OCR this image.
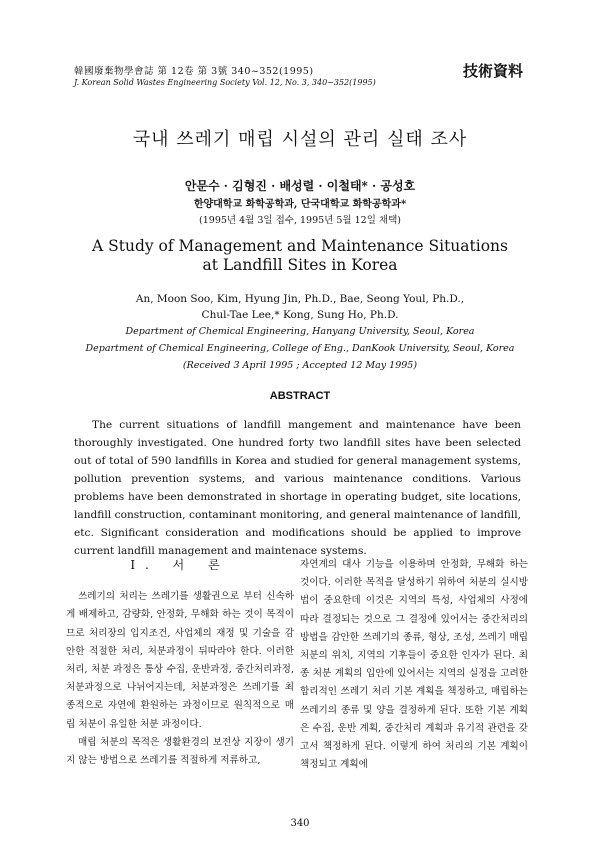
韓國廢棄物學會誌 第 12卷 第 3號 340~352(1995)
J. Korean Solid Wastes Engineering Society Vol. 12, No. 3, 340~352(1995)
技術資料
국내 쓰레기 매립 시설의 관리 실태 조사
안문수 · 김형진 · 배성렬 · 이철태* · 공성호
한양대학교 화학공학과, 단국대학교 화학공학과*
(1995년 4월 3일 접수, 1995년 5월 12일 채택)
A Study of Management and Maintenance Situations
at Landfill Sites in Korea
An, Moon Soo, Kim, Hyung Jin, Ph.D., Bae, Seong Youl, Ph.D.,
Chul-Tae Lee,* Kong, Sung Ho, Ph.D.
Department of Chemical Engineering, Hanyang University, Seoul, Korea
Department of Chemical Engineering, College of Eng., DanKook University, Seoul, Korea
(Received 3 April 1995 ; Accepted 12 May 1995)
ABSTRACT

The current situations of landfill mangement and maintenance have been thoroughly investigated. One hundred forty two landfill sites have been selected out of total of 590 landfills in Korea and studied for general management systems, pollution prevention systems, and various maintenance conditions. Various problems have been demonstrated in shortage in operating budget, site locations, landfill construction, contaminant monitoring, and general maintenance of landfill, etc. Significant consideration and modifications should be applied to improve current landfill management and maintenace systems.

Ⅰ. 서 론

쓰레기의 처리는 쓰레기를 생활권으로 부터 신속하게 배제하고, 감량화, 안정화, 무해화 하는 것이 목적이므로 처리장의 입지조건, 사업체의 재정 및 기술을 감안한 적절한 처리, 처분과정이 뒤따라야 한다. 이러한 처리, 처분 과정은 통상 수집, 운반과정, 중간처리과정, 처분과정으로 나뉘어지는데, 처분과정은 쓰레기를 최종적으로 자연에 환원하는 과정이므로 원칙적으로 매립 처분이 유일한 처분 과정이다.

매립 처분의 목적은 생활환경의 보전상 지장이 생기지 않는 방법으로 쓰레기를 적절하게 저류하고,

자연계의 대사 기능을 이용하며 안정화, 무해화 하는 것이다. 이러한 목적을 달성하기 위하여 처분의 실시방법이 중요한데 이것은 지역의 특성, 사업체의 사정에 따라 결정되는 것으로 그 결정에 있어서는 중간처리의 방법을 감안한 쓰레기의 종류, 형상, 조성, 쓰레기 매립 처분의 위치, 지역의 기후들이 중요한 인자가 된다. 최종 처분 계획의 입안에 있어서는 지역의 실정을 고려한 합리적인 쓰레기 처리 기본 계획을 책정하고, 매립하는 쓰레기의 종류 및 양을 결정하게 된다. 또한 기본 계획은 수집, 운반 계획, 중간처리 계획과 유기적 관련을 갖고서 책정하게 된다. 이렇게 하여 처리의 기본 계획이 책정되고 계획에

340
